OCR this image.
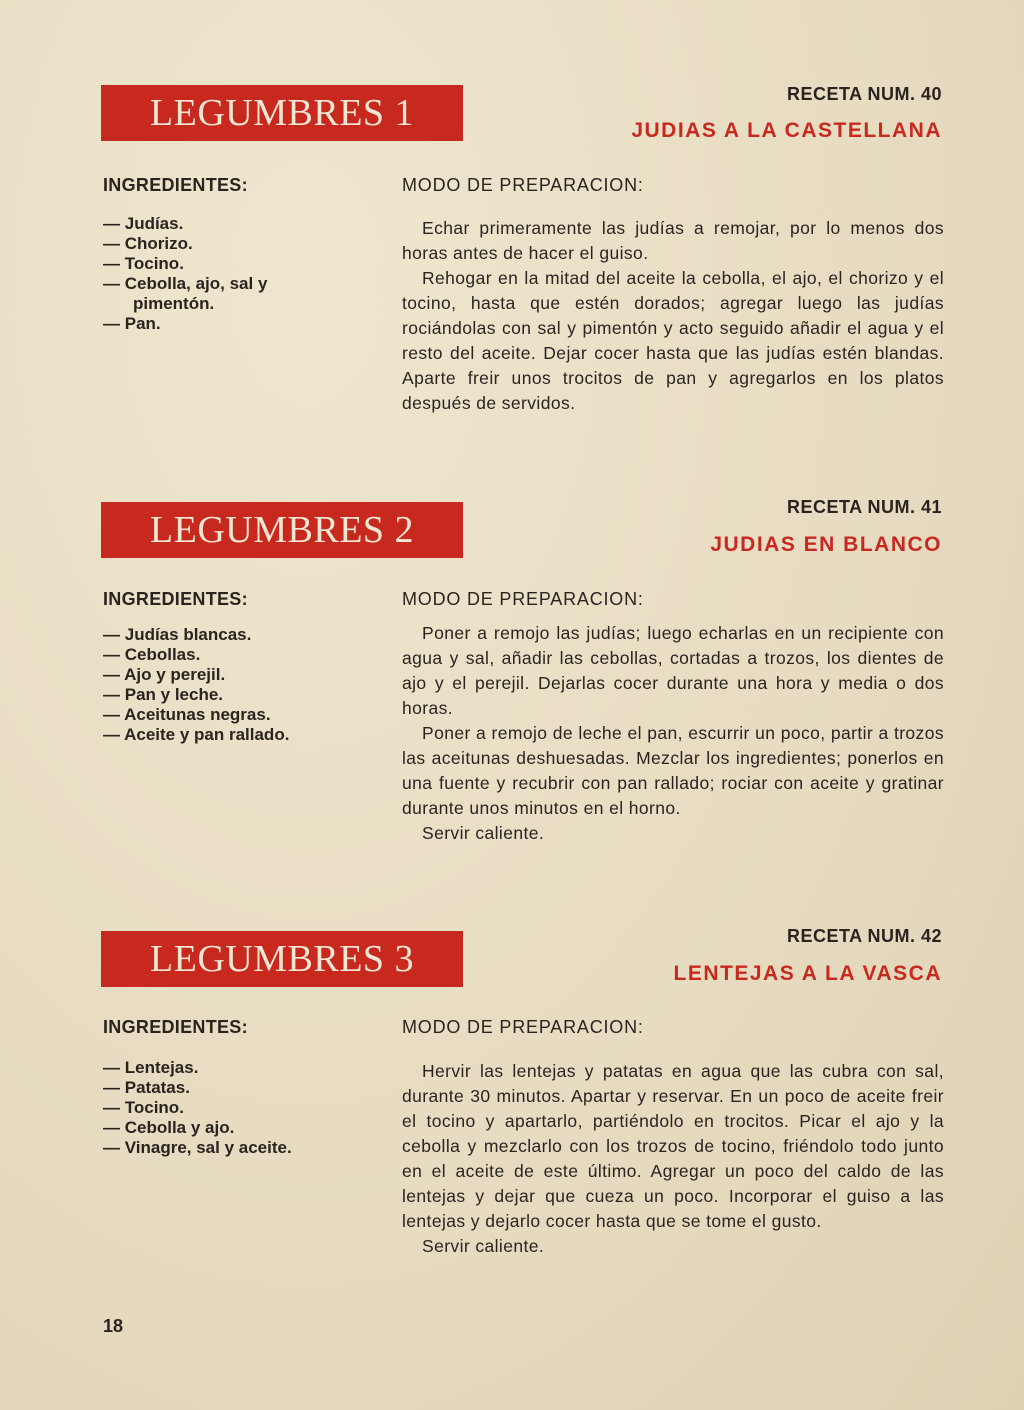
LEGUMBRES 1	RECETA NUM. 40
JUDIAS A LA CASTELLANA
INGREDIENTES:	MODO DE PREPARACION:
— Judías.
— Chorizo.
— Tocino.
— Cebolla, ajo, sal y pimentón.
— Pan.

Echar primeramente las judías a remojar, por lo menos dos horas antes de hacer el guiso.

Rehogar en la mitad del aceite la cebolla, el ajo, el chorizo y el tocino, hasta que estén dorados; agregar luego las judías rociándolas con sal y pimentón y acto seguido añadir el agua y el resto del aceite. Dejar cocer hasta que las judías estén blandas. Aparte freir unos trocitos de pan y agregarlos en los platos después de servidos.

LEGUMBRES 2
RECETA NUM. 41
JUDIAS EN BLANCO
INGREDIENTES:	MODO DE PREPARACION:
— Judías blancas.
— Cebollas.
— Ajo y perejil.
— Pan y leche.
— Aceitunas negras.
— Aceite y pan rallado.

Poner a remojo las judías; luego echarlas en un recipiente con agua y sal, añadir las cebollas, cortadas a trozos, los dientes de ajo y el perejil. Dejarlas cocer durante una hora y media o dos horas.

Poner a remojo de leche el pan, escurrir un poco, partir a trozos las aceitunas deshuesadas. Mezclar los ingredientes; ponerlos en una fuente y recubrir con pan rallado; rociar con aceite y gratinar durante unos minutos en el horno.

Servir caliente.

LEGUMBRES 3
RECETA NUM. 42
LENTEJAS A LA VASCA
INGREDIENTES:	MODO DE PREPARACION:
— Lentejas.
— Patatas.
— Tocino.
— Cebolla y ajo.
— Vinagre, sal y aceite.

Hervir las lentejas y patatas en agua que las cubra con sal, durante 30 minutos. Apartar y reservar. En un poco de aceite freir el tocino y apartarlo, partiéndolo en trocitos. Picar el ajo y la cebolla y mezclarlo con los trozos de tocino, friéndolo todo junto en el aceite de este último. Agregar un poco del caldo de las lentejas y dejar que cueza un poco. Incorporar el guiso a las lentejas y dejarlo cocer hasta que se tome el gusto.

Servir caliente.

18
